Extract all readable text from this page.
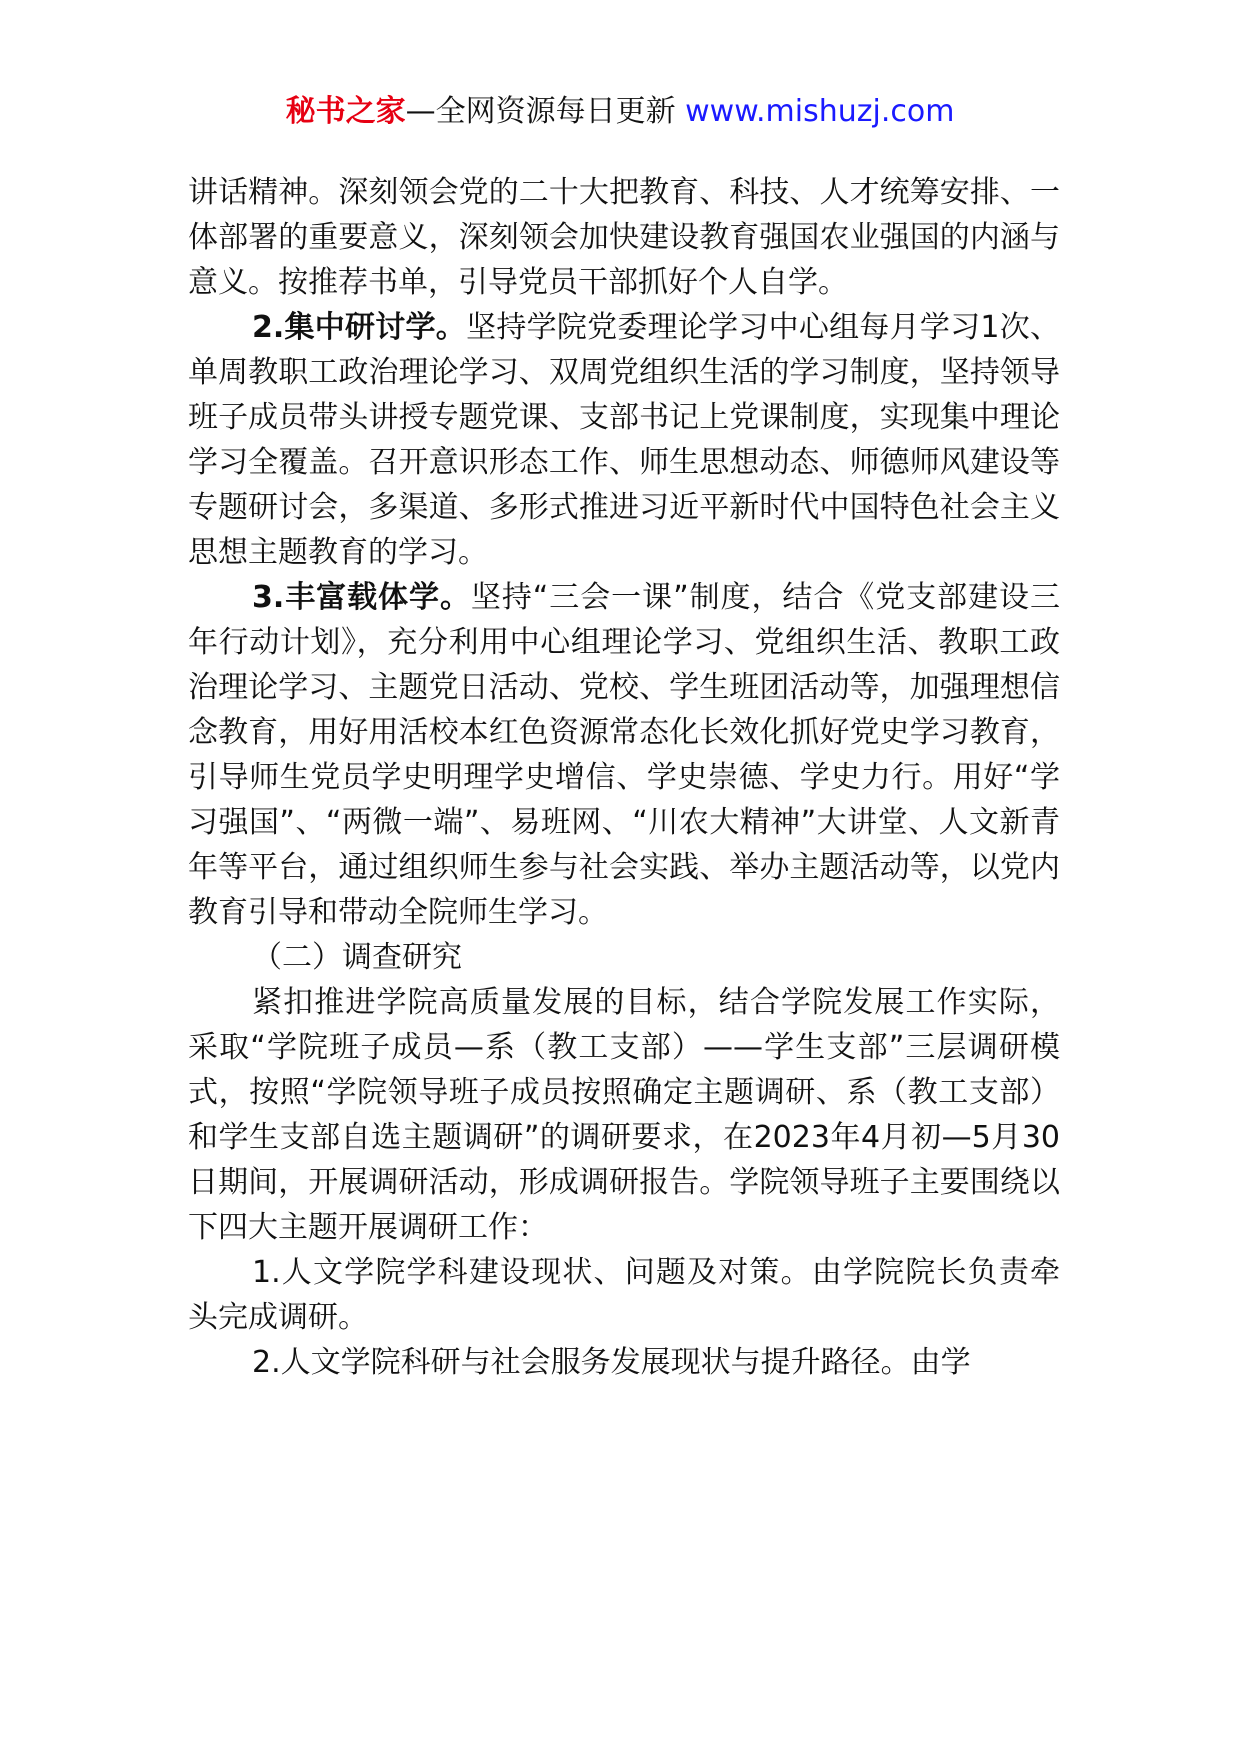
秘书之家—全网资源每日更新 www.mishuzj.com

讲话精神。深刻领会党的二十大把教育、科技、人才统筹安排、一体部署的重要意义，深刻领会加快建设教育强国农业强国的内涵与意义。按推荐书单，引导党员干部抓好个人自学。

2.集中研讨学。坚持学院党委理论学习中心组每月学习1次、单周教职工政治理论学习、双周党组织生活的学习制度，坚持领导班子成员带头讲授专题党课、支部书记上党课制度，实现集中理论学习全覆盖。召开意识形态工作、师生思想动态、师德师风建设等专题研讨会，多渠道、多形式推进习近平新时代中国特色社会主义思想主题教育的学习。

3.丰富载体学。坚持“三会一课”制度，结合《党支部建设三年行动计划》，充分利用中心组理论学习、党组织生活、教职工政治理论学习、主题党日活动、党校、学生班团活动等，加强理想信念教育，用好用活校本红色资源常态化长效化抓好党史学习教育，引导师生党员学史明理学史增信、学史崇德、学史力行。用好“学习强国”、“两微一端”、易班网、“川农大精神”大讲堂、人文新青年等平台，通过组织师生参与社会实践、举办主题活动等，以党内教育引导和带动全院师生学习。

（二）调查研究

紧扣推进学院高质量发展的目标，结合学院发展工作实际，采取“学院班子成员—系（教工支部）——学生支部”三层调研模式，按照“学院领导班子成员按照确定主题调研、系（教工支部）和学生支部自选主题调研”的调研要求，在2023年4月初—5月30日期间，开展调研活动，形成调研报告。学院领导班子主要围绕以下四大主题开展调研工作：

1.人文学院学科建设现状、问题及对策。由学院院长负责牵头完成调研。

2.人文学院科研与社会服务发展现状与提升路径。由学
